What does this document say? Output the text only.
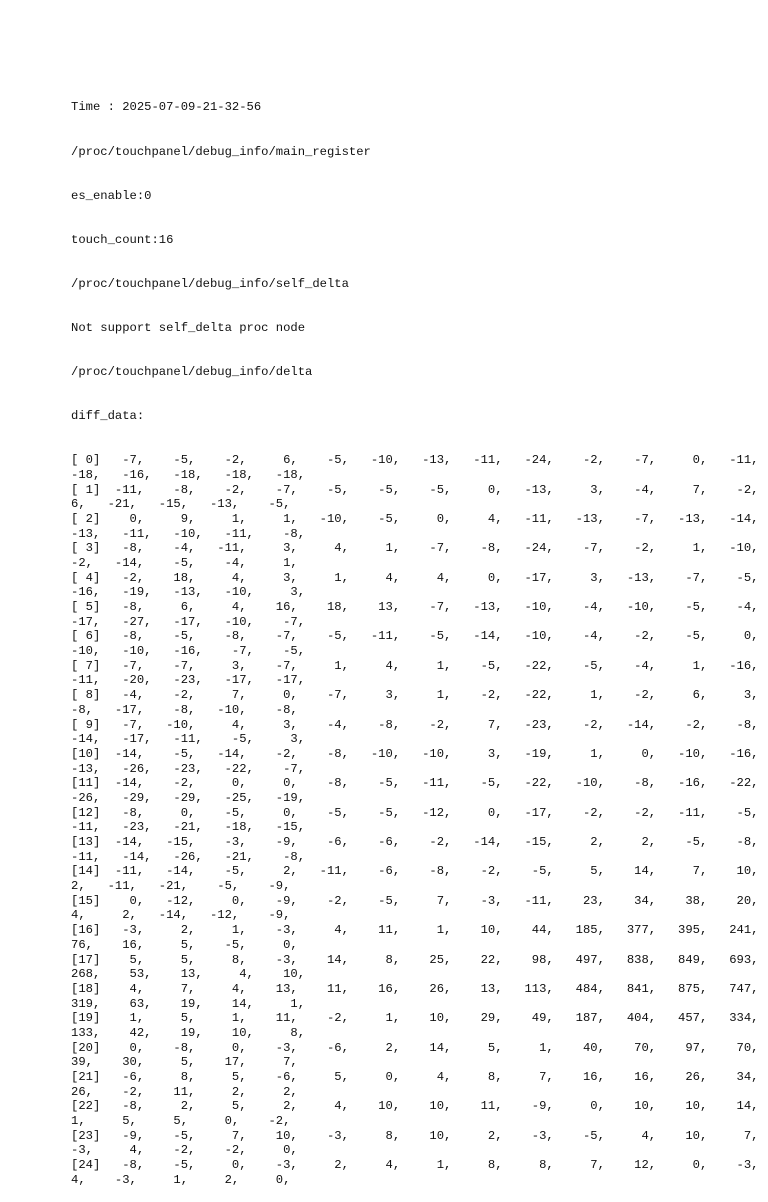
Time : 2025-07-09-21-32-56

/proc/touchpanel/debug_info/main_register

es_enable:0

touch_count:16

/proc/touchpanel/debug_info/self_delta

Not support self_delta proc node

/proc/touchpanel/debug_info/delta

diff_data:

[ 0]   -7,    -5,    -2,     6,    -5,   -10,   -13,   -11,   -24,    -2,    -7,     0,   -11,
-18,   -16,   -18,   -18,   -18,
[ 1]  -11,    -8,    -2,    -7,    -5,    -5,    -5,     0,   -13,     3,    -4,     7,    -2,
6,   -21,   -15,   -13,    -5,
[ 2]    0,     9,     1,     1,   -10,    -5,     0,     4,   -11,   -13,    -7,   -13,   -14,
-13,   -11,   -10,   -11,    -8,
[ 3]   -8,    -4,   -11,     3,     4,     1,    -7,    -8,   -24,    -7,    -2,     1,   -10,
-2,   -14,    -5,    -4,     1,
[ 4]   -2,    18,     4,     3,     1,     4,     4,     0,   -17,     3,   -13,    -7,    -5,
-16,   -19,   -13,   -10,     3,
[ 5]   -8,     6,     4,    16,    18,    13,    -7,   -13,   -10,    -4,   -10,    -5,    -4,
-17,   -27,   -17,   -10,    -7,
[ 6]   -8,    -5,    -8,    -7,    -5,   -11,    -5,   -14,   -10,    -4,    -2,    -5,     0,
-10,   -10,   -16,    -7,    -5,
[ 7]   -7,    -7,     3,    -7,     1,     4,     1,    -5,   -22,    -5,    -4,     1,   -16,
-11,   -20,   -23,   -17,   -17,
[ 8]   -4,    -2,     7,     0,    -7,     3,     1,    -2,   -22,     1,    -2,     6,     3,
-8,   -17,    -8,   -10,    -8,
[ 9]   -7,   -10,     4,     3,    -4,    -8,    -2,     7,   -23,    -2,   -14,    -2,    -8,
-14,   -17,   -11,    -5,     3,
[10]  -14,    -5,   -14,    -2,    -8,   -10,   -10,     3,   -19,     1,     0,   -10,   -16,
-13,   -26,   -23,   -22,    -7,
[11]  -14,    -2,     0,     0,    -8,    -5,   -11,    -5,   -22,   -10,    -8,   -16,   -22,
-26,   -29,   -29,   -25,   -19,
[12]   -8,     0,    -5,     0,    -5,    -5,   -12,     0,   -17,    -2,    -2,   -11,    -5,
-11,   -23,   -21,   -18,   -15,
[13]  -14,   -15,    -3,    -9,    -6,    -6,    -2,   -14,   -15,     2,     2,    -5,    -8,
-11,   -14,   -26,   -21,    -8,
[14]  -11,   -14,    -5,     2,   -11,    -6,    -8,    -2,    -5,     5,    14,     7,    10,
2,   -11,   -21,    -5,    -9,
[15]    0,   -12,     0,    -9,    -2,    -5,     7,    -3,   -11,    23,    34,    38,    20,
4,     2,   -14,   -12,    -9,
[16]   -3,     2,     1,    -3,     4,    11,     1,    10,    44,   185,   377,   395,   241,
76,    16,     5,    -5,     0,
[17]    5,     5,     8,    -3,    14,     8,    25,    22,    98,   497,   838,   849,   693,
268,    53,    13,     4,    10,
[18]    4,     7,     4,    13,    11,    16,    26,    13,   113,   484,   841,   875,   747,
319,    63,    19,    14,     1,
[19]    1,     5,     1,    11,    -2,     1,    10,    29,    49,   187,   404,   457,   334,
133,    42,    19,    10,     8,
[20]    0,    -8,     0,    -3,    -6,     2,    14,     5,     1,    40,    70,    97,    70,
39,    30,     5,    17,     7,
[21]   -6,     8,     5,    -6,     5,     0,     4,     8,     7,    16,    16,    26,    34,
26,    -2,    11,     2,     2,
[22]   -8,     2,     5,     2,     4,    10,    10,    11,    -9,     0,    10,    10,    14,
1,     5,     5,     0,    -2,
[23]   -9,    -5,     7,    10,    -3,     8,    10,     2,    -3,    -5,     4,    10,     7,
-3,     4,    -2,    -2,     0,
[24]   -8,    -5,     0,    -3,     2,     4,     1,     8,     8,     7,    12,     0,    -3,
4,    -3,     1,     2,     0,
